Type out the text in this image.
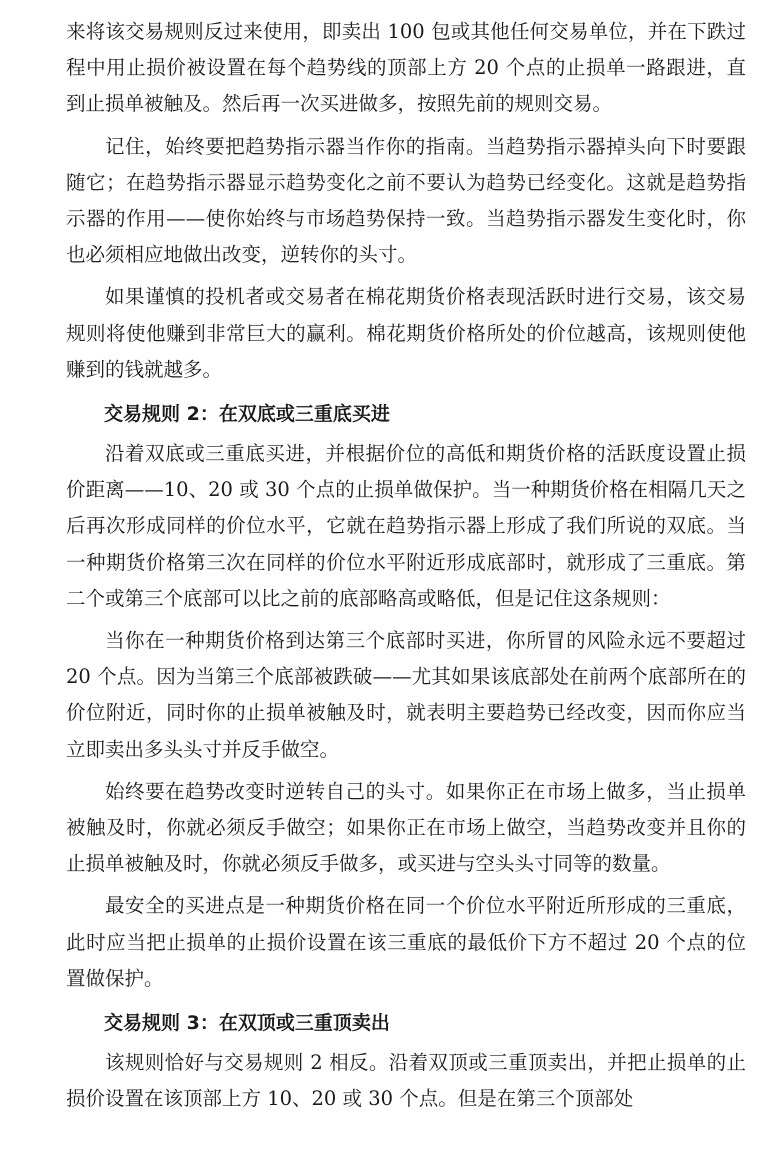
来将该交易规则反过来使用，即卖出 100 包或其他任何交易单位，并在下跌过程中用止损价被设置在每个趋势线的顶部上方 20 个点的止损单一路跟进，直到止损单被触及。然后再一次买进做多，按照先前的规则交易。

记住，始终要把趋势指示器当作你的指南。当趋势指示器掉头向下时要跟随它；在趋势指示器显示趋势变化之前不要认为趋势已经变化。这就是趋势指示器的作用——使你始终与市场趋势保持一致。当趋势指示器发生变化时，你也必须相应地做出改变，逆转你的头寸。

如果谨慎的投机者或交易者在棉花期货价格表现活跃时进行交易，该交易规则将使他赚到非常巨大的赢利。棉花期货价格所处的价位越高，该规则使他赚到的钱就越多。

交易规则 2：在双底或三重底买进

沿着双底或三重底买进，并根据价位的高低和期货价格的活跃度设置止损价距离——10、20 或 30 个点的止损单做保护。当一种期货价格在相隔几天之后再次形成同样的价位水平，它就在趋势指示器上形成了我们所说的双底。当一种期货价格第三次在同样的价位水平附近形成底部时，就形成了三重底。第二个或第三个底部可以比之前的底部略高或略低，但是记住这条规则：

当你在一种期货价格到达第三个底部时买进，你所冒的风险永远不要超过 20 个点。因为当第三个底部被跌破——尤其如果该底部处在前两个底部所在的价位附近，同时你的止损单被触及时，就表明主要趋势已经改变，因而你应当立即卖出多头头寸并反手做空。

始终要在趋势改变时逆转自己的头寸。如果你正在市场上做多，当止损单被触及时，你就必须反手做空；如果你正在市场上做空，当趋势改变并且你的止损单被触及时，你就必须反手做多，或买进与空头头寸同等的数量。

最安全的买进点是一种期货价格在同一个价位水平附近所形成的三重底，此时应当把止损单的止损价设置在该三重底的最低价下方不超过 20 个点的位置做保护。

交易规则 3：在双顶或三重顶卖出

该规则恰好与交易规则 2 相反。沿着双顶或三重顶卖出，并把止损单的止损价设置在该顶部上方 10、20 或 30 个点。但是在第三个顶部处
